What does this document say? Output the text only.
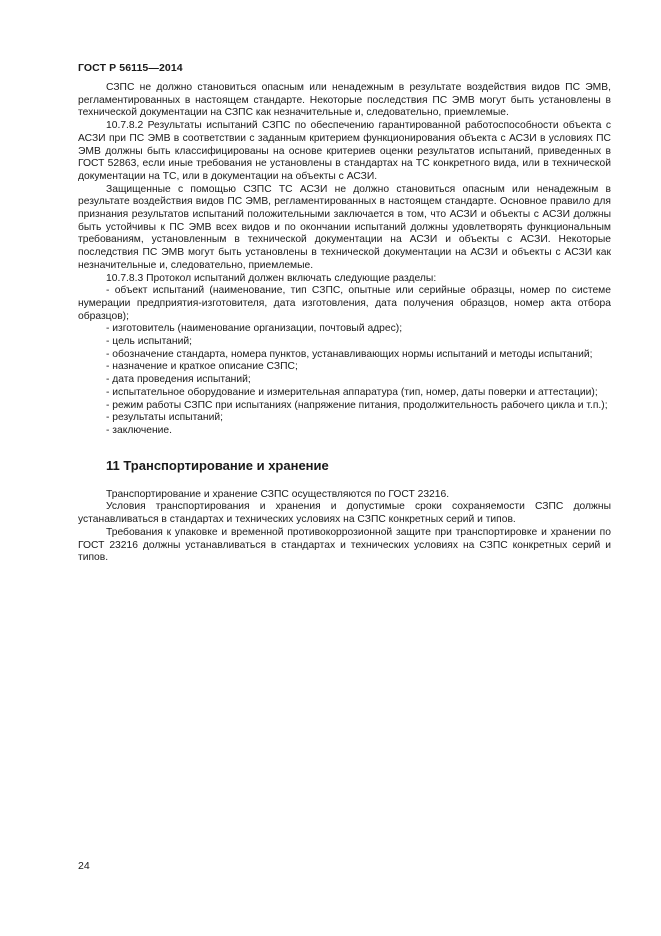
ГОСТ Р 56115—2014

СЗПС не должно становиться опасным или ненадежным в результате воздействия видов ПС ЭМВ, регламентированных в настоящем стандарте. Некоторые последствия ПС ЭМВ могут быть установлены в технической документации на СЗПС как незначительные и, следовательно, приемлемые.

10.7.8.2 Результаты испытаний СЗПС по обеспечению гарантированной работоспособности объекта с АСЗИ при ПС ЭМВ в соответствии с заданным критерием функционирования объекта с АСЗИ в условиях ПС ЭМВ должны быть классифицированы на основе критериев оценки результатов испытаний, приведенных в ГОСТ 52863, если иные требования не установлены в стандартах на ТС конкретного вида, или в технической документации на ТС, или в документации на объекты с АСЗИ.

Защищенные с помощью СЗПС ТС АСЗИ не должно становиться опасным или ненадежным в результате воздействия видов ПС ЭМВ, регламентированных в настоящем стандарте. Основное правило для признания результатов испытаний положительными заключается в том, что АСЗИ и объекты с АСЗИ должны быть устойчивы к ПС ЭМВ всех видов и по окончании испытаний должны удовлетворять функциональным требованиям, установленным в технической документации на АСЗИ и объекты с АСЗИ. Некоторые последствия ПС ЭМВ могут быть установлены в технической документации на АСЗИ и объекты с АСЗИ как незначительные и, следовательно, приемлемые.

10.7.8.3 Протокол испытаний должен включать следующие разделы:

- объект испытаний (наименование, тип СЗПС, опытные или серийные образцы, номер по системе нумерации предприятия-изготовителя, дата изготовления, дата получения образцов, номер акта отбора образцов);
- изготовитель (наименование организации, почтовый адрес);
- цель испытаний;
- обозначение стандарта, номера пунктов, устанавливающих нормы испытаний и методы испытаний;
- назначение и краткое описание СЗПС;
- дата проведения испытаний;
- испытательное оборудование и измерительная аппаратура (тип, номер, даты поверки и аттестации);
- режим работы СЗПС при испытаниях (напряжение питания, продолжительность рабочего цикла и т.п.);
- результаты испытаний;
- заключение.
11 Транспортирование и хранение

Транспортирование и хранение СЗПС осуществляются по ГОСТ 23216.

Условия транспортирования и хранения и допустимые сроки сохраняемости СЗПС должны устанавливаться в стандартах и технических условиях на СЗПС конкретных серий и типов.

Требования к упаковке и временной противокоррозионной защите при транспортировке и хранении по ГОСТ 23216 должны устанавливаться в стандартах и технических условиях на СЗПС конкретных серий и типов.

24
